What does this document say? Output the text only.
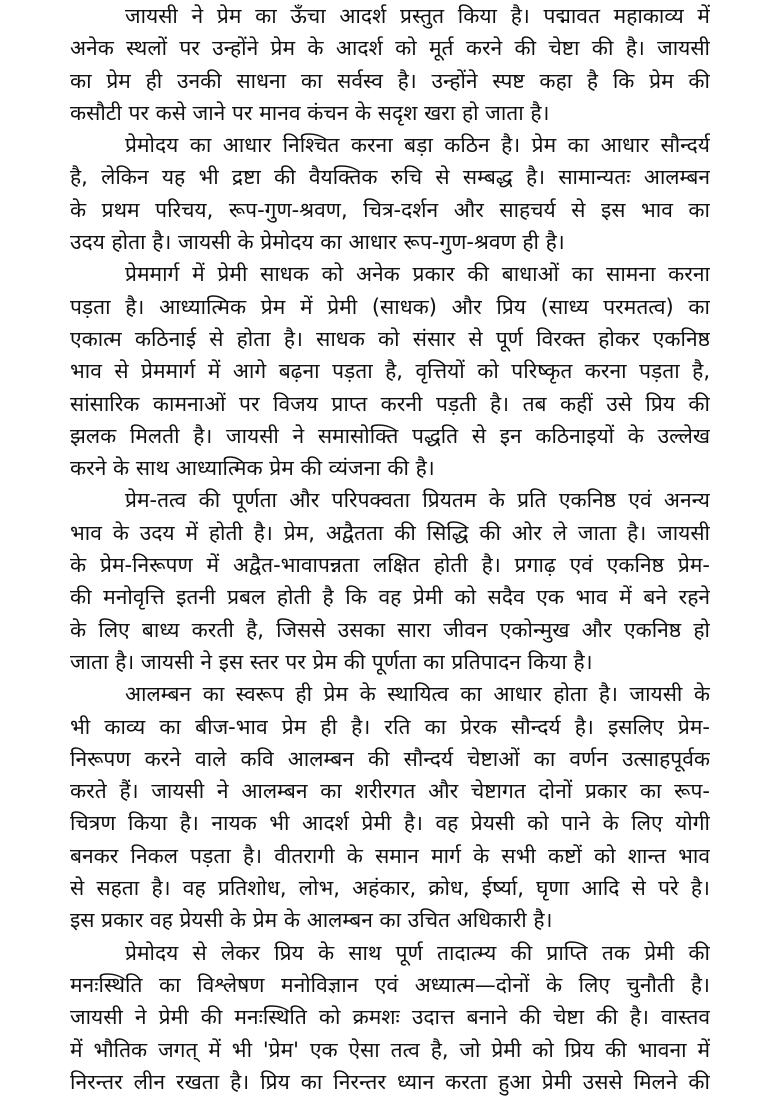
जायसी ने प्रेम का ऊँचा आदर्श प्रस्तुत किया है। पद्मावत महाकाव्य में
अनेक स्थलों पर उन्होंने प्रेम के आदर्श को मूर्त करने की चेष्टा की है। जायसी
का प्रेम ही उनकी साधना का सर्वस्व है। उन्होंने स्पष्ट कहा है कि प्रेम की
कसौटी पर कसे जाने पर मानव कंचन के सदृश खरा हो जाता है।
प्रेमोदय का आधार निश्चित करना बड़ा कठिन है। प्रेम का आधार सौन्दर्य
है, लेकिन यह भी द्रष्टा की वैयक्तिक रुचि से सम्बद्ध है। सामान्यतः आलम्बन
के प्रथम परिचय, रूप-गुण-श्रवण, चित्र-दर्शन और साहचर्य से इस भाव का
उदय होता है। जायसी के प्रेमोदय का आधार रूप-गुण-श्रवण ही है।
प्रेममार्ग में प्रेमी साधक को अनेक प्रकार की बाधाओं का सामना करना
पड़ता है। आध्यात्मिक प्रेम में प्रेमी (साधक) और प्रिय (साध्य परमतत्व) का
एकात्म कठिनाई से होता है। साधक को संसार से पूर्ण विरक्त होकर एकनिष्ठ
भाव से प्रेममार्ग में आगे बढ़ना पड़ता है, वृत्तियों को परिष्कृत करना पड़ता है,
सांसारिक कामनाओं पर विजय प्राप्त करनी पड़ती है। तब कहीं उसे प्रिय की
झलक मिलती है। जायसी ने समासोक्ति पद्धति से इन कठिनाइयों के उल्लेख
करने के साथ आध्यात्मिक प्रेम की व्यंजना की है।
प्रेम-तत्व की पूर्णता और परिपक्वता प्रियतम के प्रति एकनिष्ठ एवं अनन्य
भाव के उदय में होती है। प्रेम, अद्वैतता की सिद्धि की ओर ले जाता है। जायसी
के प्रेम-निरूपण में अद्वैत-भावापन्नता लक्षित होती है। प्रगाढ़ एवं एकनिष्ठ प्रेम-
की मनोवृत्ति इतनी प्रबल होती है कि वह प्रेमी को सदैव एक भाव में बने रहने
के लिए बाध्य करती है, जिससे उसका सारा जीवन एकोन्मुख और एकनिष्ठ हो
जाता है। जायसी ने इस स्तर पर प्रेम की पूर्णता का प्रतिपादन किया है।
आलम्बन का स्वरूप ही प्रेम के स्थायित्व का आधार होता है। जायसी के
भी काव्य का बीज-भाव प्रेम ही है। रति का प्रेरक सौन्दर्य है। इसलिए प्रेम-
निरूपण करने वाले कवि आलम्बन की सौन्दर्य चेष्टाओं का वर्णन उत्साहपूर्वक
करते हैं। जायसी ने आलम्बन का शरीरगत और चेष्टागत दोनों प्रकार का रूप-
चित्रण किया है। नायक भी आदर्श प्रेमी है। वह प्रेयसी को पाने के लिए योगी
बनकर निकल पड़ता है। वीतरागी के समान मार्ग के सभी कष्टों को शान्त भाव
से सहता है। वह प्रतिशोध, लोभ, अहंकार, क्रोध, ईर्ष्या, घृणा आदि से परे है।
इस प्रकार वह प्रेयसी के प्रेम के आलम्बन का उचित अधिकारी है।
प्रेमोदय से लेकर प्रिय के साथ पूर्ण तादात्म्य की प्राप्ति तक प्रेमी की
मनःस्थिति का विश्लेषण मनोविज्ञान एवं अध्यात्म—दोनों के लिए चुनौती है।
जायसी ने प्रेमी की मनःस्थिति को क्रमशः उदात्त बनाने की चेष्टा की है। वास्तव
में भौतिक जगत् में भी 'प्रेम' एक ऐसा तत्व है, जो प्रेमी को प्रिय की भावना में
निरन्तर लीन रखता है। प्रिय का निरन्तर ध्यान करता हुआ प्रेमी उससे मिलने की
